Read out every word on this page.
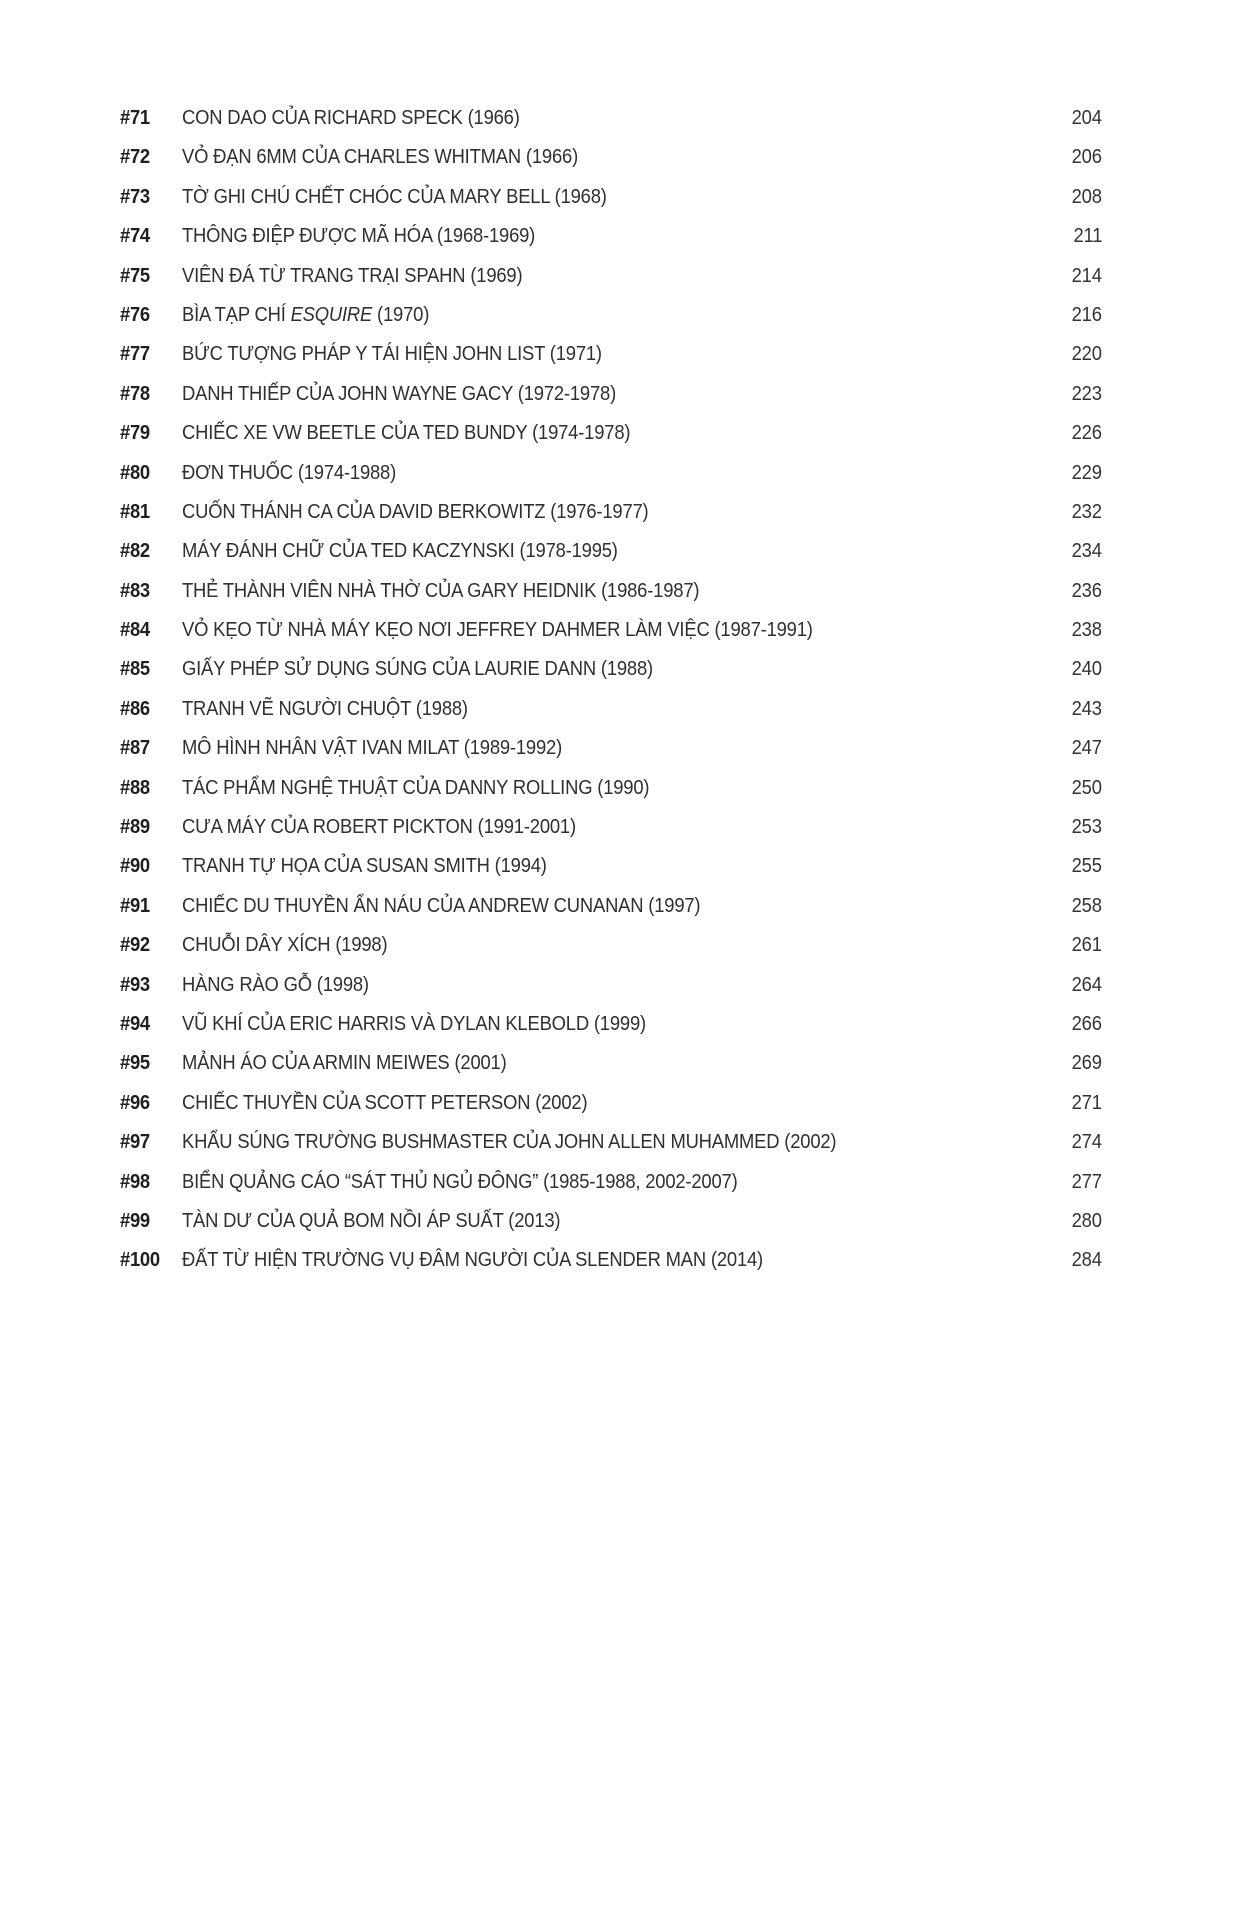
#71	CON DAO CỦA RICHARD SPECK (1966)	204
#72	VỎ ĐẠN 6MM CỦA CHARLES WHITMAN (1966)	206
#73	TỜ GHI CHÚ CHẾT CHÓC CỦA MARY BELL (1968)	208
#74	THÔNG ĐIỆP ĐƯỢC MÃ HÓA (1968-1969)	211
#75	VIÊN ĐÁ TỪ TRANG TRẠI SPAHN (1969)	214
#76	BÌA TẠP CHÍ ESQUIRE (1970)	216
#77	BỨC TƯỢNG PHÁP Y TÁI HIỆN JOHN LIST (1971)	220
#78	DANH THIẾP CỦA JOHN WAYNE GACY (1972-1978)	223
#79	CHIẾC XE VW BEETLE CỦA TED BUNDY (1974-1978)	226
#80	ĐƠN THUỐC (1974-1988)	229
#81	CUỐN THÁNH CA CỦA DAVID BERKOWITZ (1976-1977)	232
#82	MÁY ĐÁNH CHỮ CỦA TED KACZYNSKI (1978-1995)	234
#83	THẺ THÀNH VIÊN NHÀ THỜ CỦA GARY HEIDNIK (1986-1987)	236
#84	VỎ KẸO TỪ NHÀ MÁY KẸO NƠI JEFFREY DAHMER LÀM VIỆC (1987-1991)	238
#85	GIẤY PHÉP SỬ DỤNG SÚNG CỦA LAURIE DANN (1988)	240
#86	TRANH VẼ NGƯỜI CHUỘT (1988)	243
#87	MÔ HÌNH NHÂN VẬT IVAN MILAT (1989-1992)	247
#88	TÁC PHẨM NGHỆ THUẬT CỦA DANNY ROLLING (1990)	250
#89	CƯA MÁY CỦA ROBERT PICKTON (1991-2001)	253
#90	TRANH TỰ HỌA CỦA SUSAN SMITH (1994)	255
#91	CHIẾC DU THUYỀN ẨN NÁU CỦA ANDREW CUNANAN (1997)	258
#92	CHUỖI DÂY XÍCH (1998)	261
#93	HÀNG RÀO GỖ (1998)	264
#94	VŨ KHÍ CỦA ERIC HARRIS VÀ DYLAN KLEBOLD (1999)	266
#95	MẢNH ÁO CỦA ARMIN MEIWES (2001)	269
#96	CHIẾC THUYỀN CỦA SCOTT PETERSON (2002)	271
#97	KHẨU SÚNG TRƯỜNG BUSHMASTER CỦA JOHN ALLEN MUHAMMED (2002)	274
#98	BIỂN QUẢNG CÁO “SÁT THỦ NGỦ ĐÔNG” (1985-1988, 2002-2007)	277
#99	TÀN DƯ CỦA QUẢ BOM NỒI ÁP SUẤT (2013)	280
#100	ĐẤT TỪ HIỆN TRƯỜNG VỤ ĐÂM NGƯỜI CỦA SLENDER MAN (2014)	284
